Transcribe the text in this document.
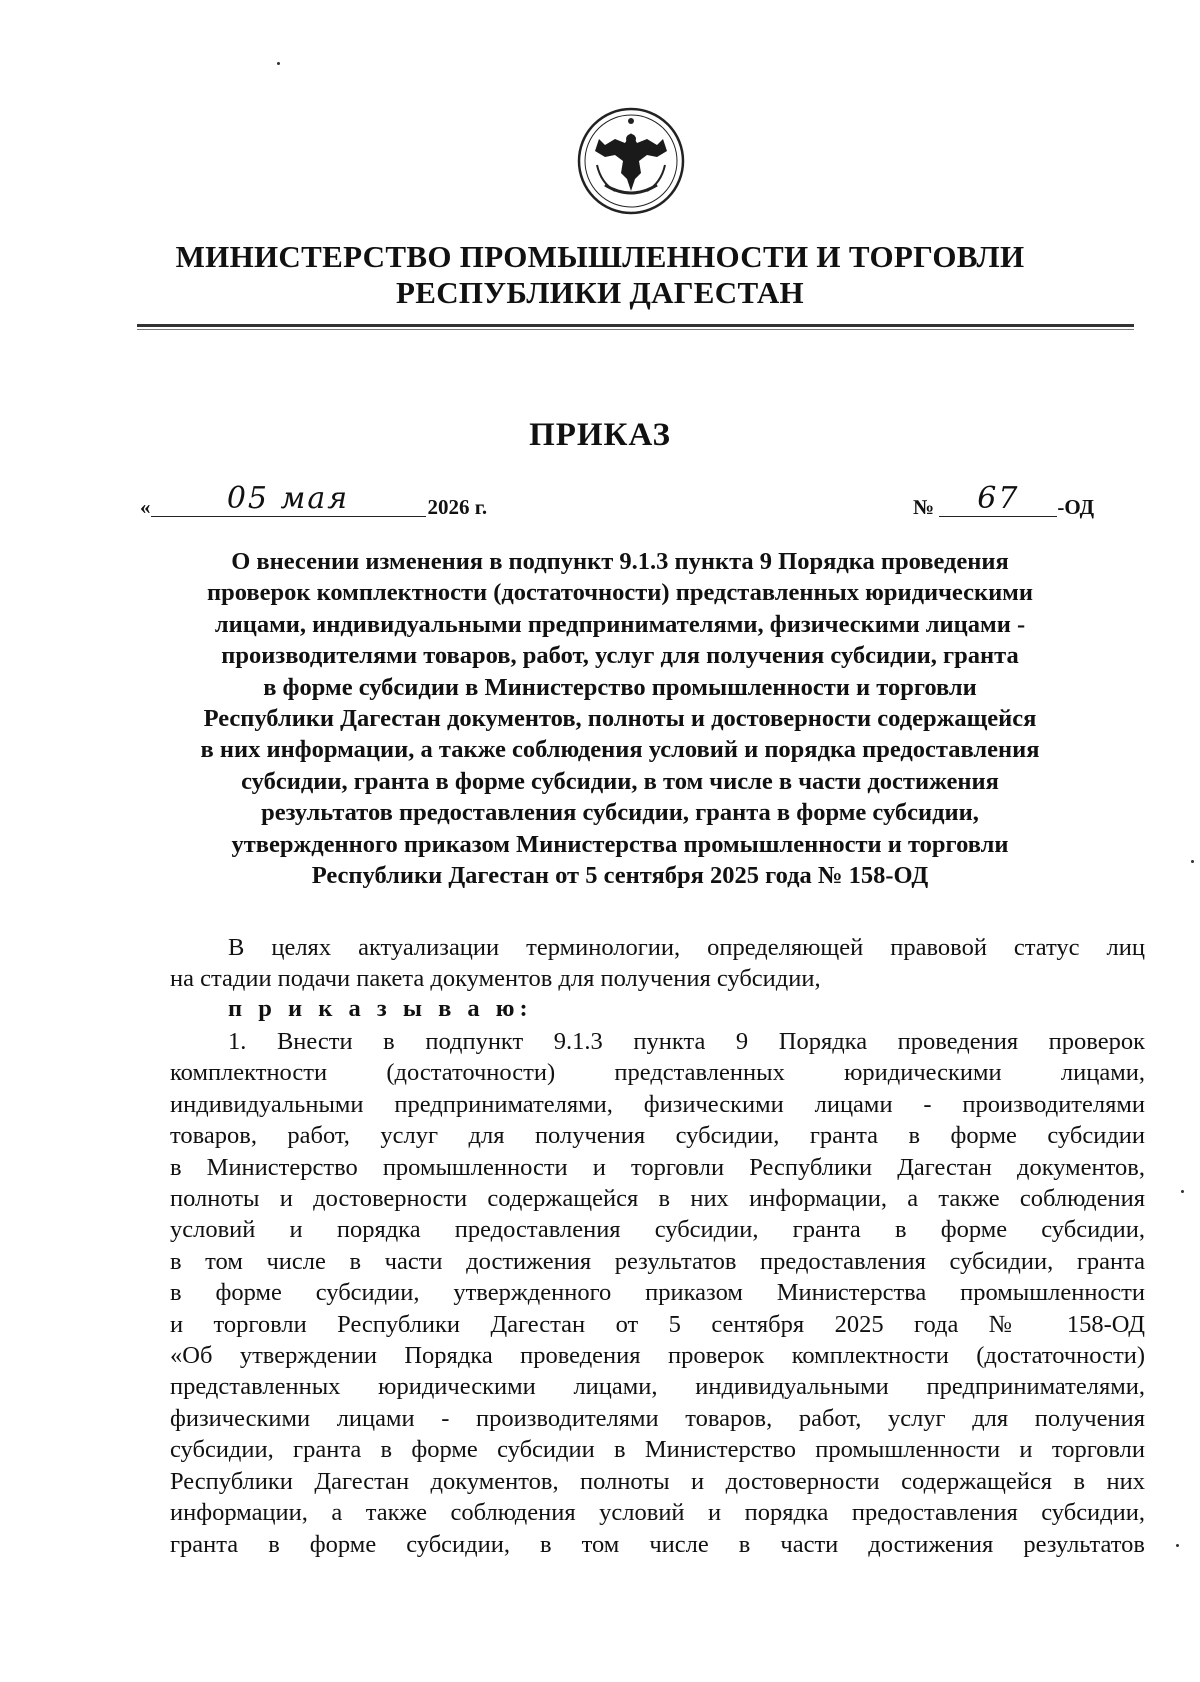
МИНИСТЕРСТВО ПРОМЫШЛЕННОСТИ И ТОРГОВЛИ
РЕСПУБЛИКИ ДАГЕСТАН
ПРИКАЗ
«	05 мая	2026 г.	№ 67 -ОД
О внесении изменения в подпункт 9.1.3 пункта 9 Порядка проведения
проверок комплектности (достаточности) представленных юридическими
лицами, индивидуальными предпринимателями, физическими лицами -
производителями товаров, работ, услуг для получения субсидии, гранта
в форме субсидии в Министерство промышленности и торговли
Республики Дагестан документов, полноты и достоверности содержащейся
в них информации, а также соблюдения условий и порядка предоставления
субсидии, гранта в форме субсидии, в том числе в части достижения
результатов предоставления субсидии, гранта в форме субсидии,
утвержденного приказом Министерства промышленности и торговли
Республики Дагестан от 5 сентября 2025 года № 158-ОД
В целях актуализации терминологии, определяющей правовой статус лиц
на стадии подачи пакета документов для получения субсидии,
п р и к а з ы в а ю:
1. Внести в подпункт 9.1.3 пункта 9 Порядка проведения проверок
комплектности (достаточности) представленных юридическими лицами,
индивидуальными предпринимателями, физическими лицами - производителями
товаров, работ, услуг для получения субсидии, гранта в форме субсидии
в Министерство промышленности и торговли Республики Дагестан документов,
полноты и достоверности содержащейся в них информации, а также соблюдения
условий и порядка предоставления субсидии, гранта в форме субсидии,
в том числе в части достижения результатов предоставления субсидии, гранта
в форме субсидии, утвержденного приказом Министерства промышленности
и торговли Республики Дагестан от 5 сентября 2025 года № 158-ОД
«Об утверждении Порядка проведения проверок комплектности (достаточности)
представленных юридическими лицами, индивидуальными предпринимателями,
физическими лицами - производителями товаров, работ, услуг для получения
субсидии, гранта в форме субсидии в Министерство промышленности и торговли
Республики Дагестан документов, полноты и достоверности содержащейся в них
информации, а также соблюдения условий и порядка предоставления субсидии,
гранта в форме субсидии, в том числе в части достижения результатов
